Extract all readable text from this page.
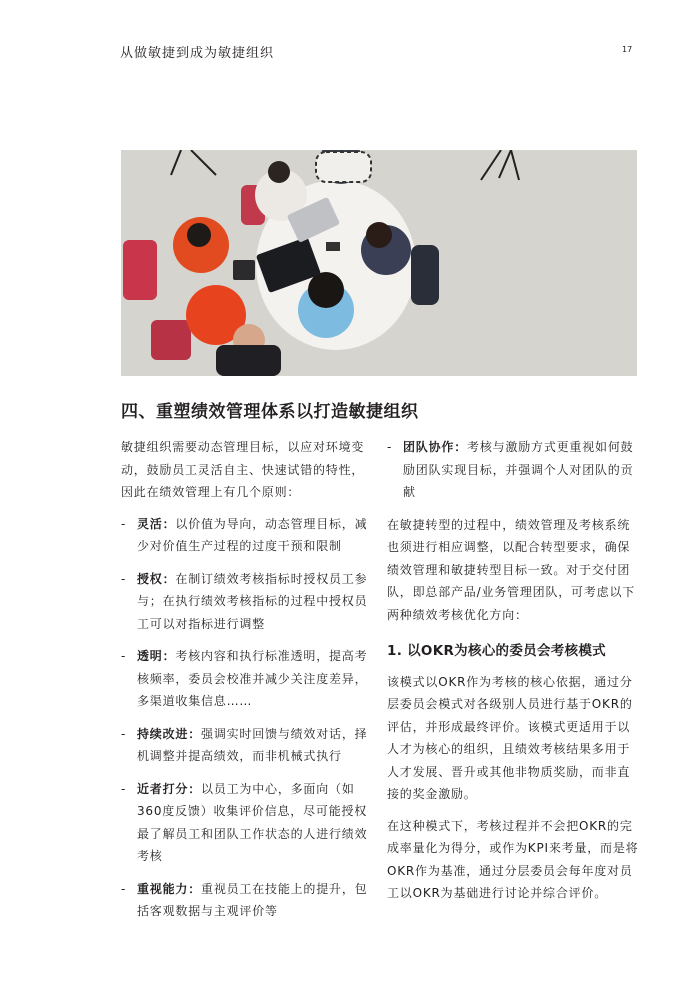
从做敏捷到成为敏捷组织	17
四、重塑绩效管理体系以打造敏捷组织

敏捷组织需要动态管理目标，以应对环境变动，鼓励员工灵活自主、快速试错的特性，因此在绩效管理上有几个原则：

- 灵活：以价值为导向，动态管理目标，减少对价值生产过程的过度干预和限制
- 授权：在制订绩效考核指标时授权员工参与；在执行绩效考核指标的过程中授权员工可以对指标进行调整
- 透明：考核内容和执行标准透明，提高考核频率，委员会校准并减少关注度差异，多渠道收集信息……
- 持续改进：强调实时回馈与绩效对话，择机调整并提高绩效，而非机械式执行
- 近者打分：以员工为中心，多面向（如360度反馈）收集评价信息，尽可能授权最了解员工和团队工作状态的人进行绩效考核
- 重视能力：重视员工在技能上的提升，包括客观数据与主观评价等
- 团队协作：考核与激励方式更重视如何鼓励团队实现目标，并强调个人对团队的贡献

在敏捷转型的过程中，绩效管理及考核系统也须进行相应调整，以配合转型要求，确保绩效管理和敏捷转型目标一致。对于交付团队，即总部产品/业务管理团队，可考虑以下两种绩效考核优化方向：

1. 以OKR为核心的委员会考核模式

该模式以OKR作为考核的核心依据，通过分层委员会模式对各级别人员进行基于OKR的评估，并形成最终评价。该模式更适用于以人才为核心的组织，且绩效考核结果多用于人才发展、晋升或其他非物质奖励，而非直接的奖金激励。

在这种模式下，考核过程并不会把OKR的完成率量化为得分，或作为KPI来考量，而是将OKR作为基准，通过分层委员会每年度对员工以OKR为基础进行讨论并综合评价。
